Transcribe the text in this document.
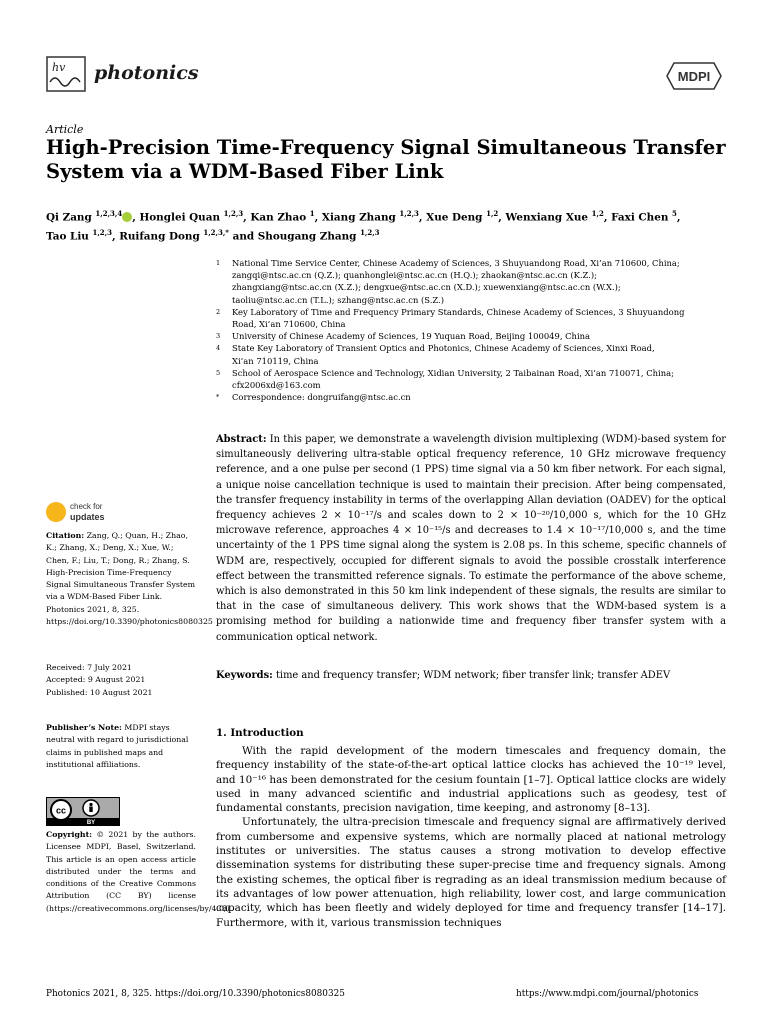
hv photonics	MDPI
Article
High-Precision Time-Frequency Signal Simultaneous Transfer System via a WDM-Based Fiber Link
Qi Zang $^{1,2,3,4}$ , Honglei Quan $^{1,2,3}$, Kan Zhao $^1$, Xiang Zhang $^{1,2,3}$, Xue Deng $^{1,2}$, Wenxiang Xue $^{1,2}$, Faxi Chen $^5$,
Tao Liu $^{1,2,3}$, Ruifang Dong $^{1,2,3,*}$ and Shougang Zhang $^{1,2,3}$
1	National Time Service Center, Chinese Academy of Sciences, 3 Shuyuandong Road, Xi’an 710600, China;
zangqi@ntsc.ac.cn (Q.Z.); quanhonglei@ntsc.ac.cn (H.Q.); zhaokan@ntsc.ac.cn (K.Z.);
zhangxiang@ntsc.ac.cn (X.Z.); dengxue@ntsc.ac.cn (X.D.); xuewenxiang@ntsc.ac.cn (W.X.);
taoliu@ntsc.ac.cn (T.L.); szhang@ntsc.ac.cn (S.Z.)
2	Key Laboratory of Time and Frequency Primary Standards, Chinese Academy of Sciences, 3 Shuyuandong
Road, Xi’an 710600, China
3	University of Chinese Academy of Sciences, 19 Yuquan Road, Beijing 100049, China
4	State Key Laboratory of Transient Optics and Photonics, Chinese Academy of Sciences, Xinxi Road,
Xi’an 710119, China
5	School of Aerospace Science and Technology, Xidian University, 2 Taibainan Road, Xi’an 710071, China;
cfx2006xd@163.com
*	Correspondence: dongruifang@ntsc.ac.cn
Abstract: In this paper, we demonstrate a wavelength division multiplexing (WDM)-based system for simultaneously delivering ultra-stable optical frequency reference, 10 GHz microwave frequency reference, and a one pulse per second (1 PPS) time signal via a 50 km fiber network. For each signal, a unique noise cancellation technique is used to maintain their precision. After being compensated, the transfer frequency instability in terms of the overlapping Allan deviation (OADEV) for the optical frequency achieves 2 × 10⁻¹⁷/s and scales down to 2 × 10⁻²⁰/10,000 s, which for the 10 GHz microwave reference, approaches 4 × 10⁻¹⁵/s and decreases to 1.4 × 10⁻¹⁷/10,000 s, and the time uncertainty of the 1 PPS time signal along the system is 2.08 ps. In this scheme, specific channels of WDM are, respectively, occupied for different signals to avoid the possible crosstalk interference effect between the transmitted reference signals. To estimate the performance of the above scheme, which is also demonstrated in this 50 km link independent of these signals, the results are similar to that in the case of simultaneous delivery. This work shows that the WDM-based system is a promising method for building a nationwide time and frequency fiber transfer system with a communication optical network.
Keywords: time and frequency transfer; WDM network; fiber transfer link; transfer ADEV
1. Introduction

With the rapid development of the modern timescales and frequency domain, the frequency instability of the state-of-the-art optical lattice clocks has achieved the 10⁻¹⁹ level, and 10⁻¹⁶ has been demonstrated for the cesium fountain [1–7]. Optical lattice clocks are widely used in many advanced scientific and industrial applications such as geodesy, test of fundamental constants, precision navigation, time keeping, and astronomy [8–13].

Unfortunately, the ultra-precision timescale and frequency signal are affirmatively derived from cumbersome and expensive systems, which are normally placed at national metrology institutes or universities. The status causes a strong motivation to develop effective dissemination systems for distributing these super-precise time and frequency signals. Among the existing schemes, the optical fiber is regrading as an ideal transmission medium because of its advantages of low power attenuation, high reliability, lower cost, and large communication capacity, which has been fleetly and widely deployed for time and frequency transfer [14–17]. Furthermore, with it, various transmission techniques

check for
updates
Citation: Zang, Q.; Quan, H.; Zhao, K.; Zhang, X.; Deng, X.; Xue, W.; Chen, F.; Liu, T.; Dong, R.; Zhang, S. High-Precision Time-Frequency Signal Simultaneous Transfer System via a WDM-Based Fiber Link. Photonics 2021, 8, 325. https://doi.org/10.3390/photonics8080325
Received: 7 July 2021
Accepted: 9 August 2021
Published: 10 August 2021
Publisher’s Note: MDPI stays neutral with regard to jurisdictional claims in published maps and institutional affiliations.
cc
BY
Copyright: © 2021 by the authors. Licensee MDPI, Basel, Switzerland. This article is an open access article distributed under the terms and conditions of the Creative Commons Attribution (CC BY) license (https://creativecommons.org/licenses/by/4.0/).
Photonics 2021, 8, 325. https://doi.org/10.3390/photonics8080325	https://www.mdpi.com/journal/photonics
